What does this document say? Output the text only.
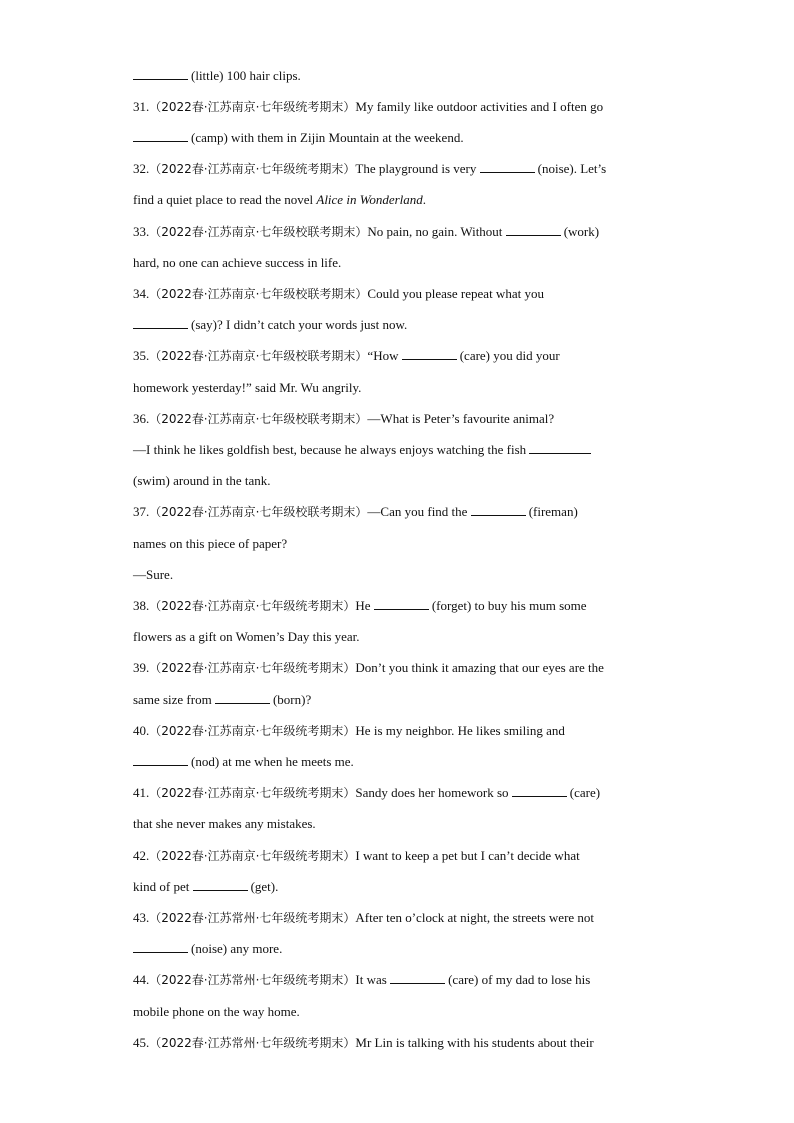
(little) 100 hair clips.
31.（2022春·江苏南京·七年级统考期末）My family like outdoor activities and I often go
(camp) with them in Zijin Mountain at the weekend.
32.（2022春·江苏南京·七年级统考期末）The playground is very	(noise). Let’s
find a quiet place to read the novel Alice in Wonderland.
33.（2022春·江苏南京·七年级校联考期末）No pain, no gain. Without	(work)
hard, no one can achieve success in life.
34.（2022春·江苏南京·七年级校联考期末）Could you please repeat what you
(say)? I didn’t catch your words just now.
35.（2022春·江苏南京·七年级校联考期末）“How	(care) you did your
homework yesterday!” said Mr. Wu angrily.
36.（2022春·江苏南京·七年级校联考期末）—What is Peter’s favourite animal?
—I think he likes goldfish best, because he always enjoys watching the fish
(swim) around in the tank.
37.（2022春·江苏南京·七年级校联考期末）—Can you find the	(fireman)
names on this piece of paper?
—Sure.
38.（2022春·江苏南京·七年级统考期末）He	(forget) to buy his mum some
flowers as a gift on Women’s Day this year.
39.（2022春·江苏南京·七年级统考期末）Don’t you think it amazing that our eyes are the
same size from	(born)?
40.（2022春·江苏南京·七年级统考期末）He is my neighbor. He likes smiling and
(nod) at me when he meets me.
41.（2022春·江苏南京·七年级统考期末）Sandy does her homework so	(care)
that she never makes any mistakes.
42.（2022春·江苏南京·七年级统考期末）I want to keep a pet but I can’t decide what
kind of pet	(get).
43.（2022春·江苏常州·七年级统考期末）After ten o’clock at night, the streets were not
(noise) any more.
44.（2022春·江苏常州·七年级统考期末）It was	(care) of my dad to lose his
mobile phone on the way home.
45.（2022春·江苏常州·七年级统考期末）Mr Lin is talking with his students about their
